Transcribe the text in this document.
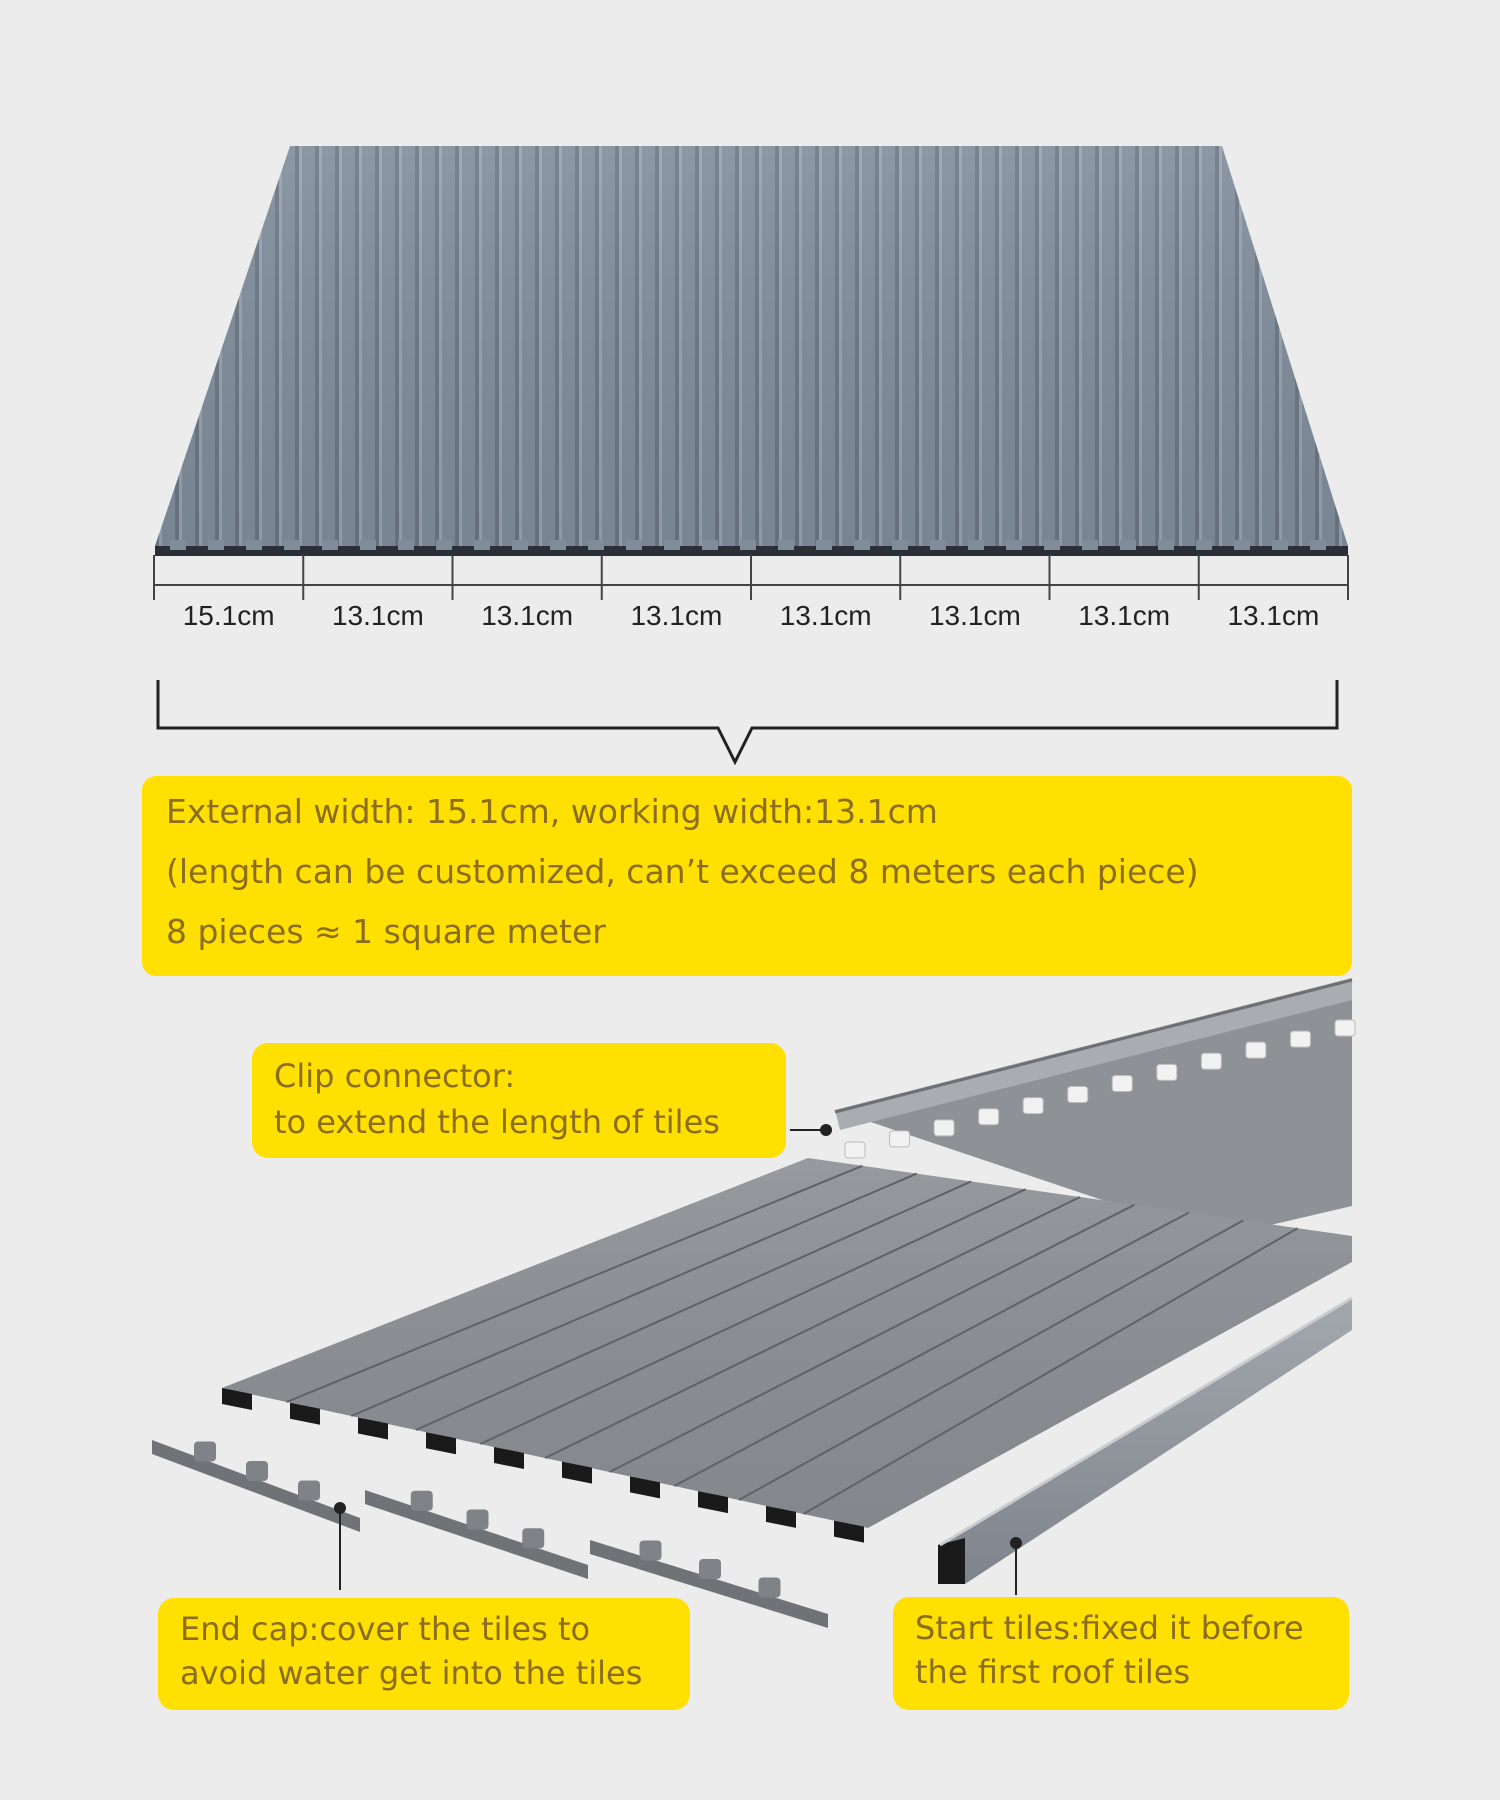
15.1cm	13.1cm	13.1cm	13.1cm	13.1cm	13.1cm	13.1cm	13.1cm
External width: 15.1cm, working width:13.1cm
(length can be customized, can’t exceed 8 meters each piece)
8 pieces ≈ 1 square meter
Clip connector:
to extend the length of tiles
End cap:cover the tiles to
avoid water get into the tiles
Start tiles:fixed it before
the first roof tiles
